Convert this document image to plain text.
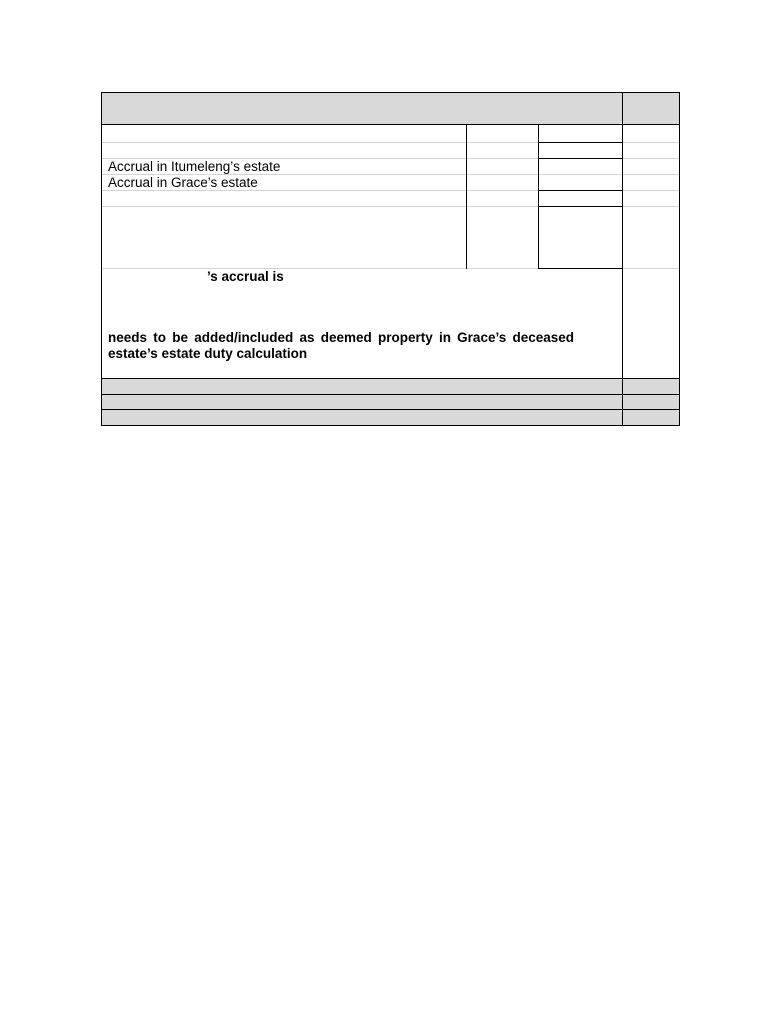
Accrual in Itumeleng’s estate
Accrual in Grace’s estate
’s accrual is
needs to be added/included as deemed property in Grace’s deceased
estate’s estate duty calculation
